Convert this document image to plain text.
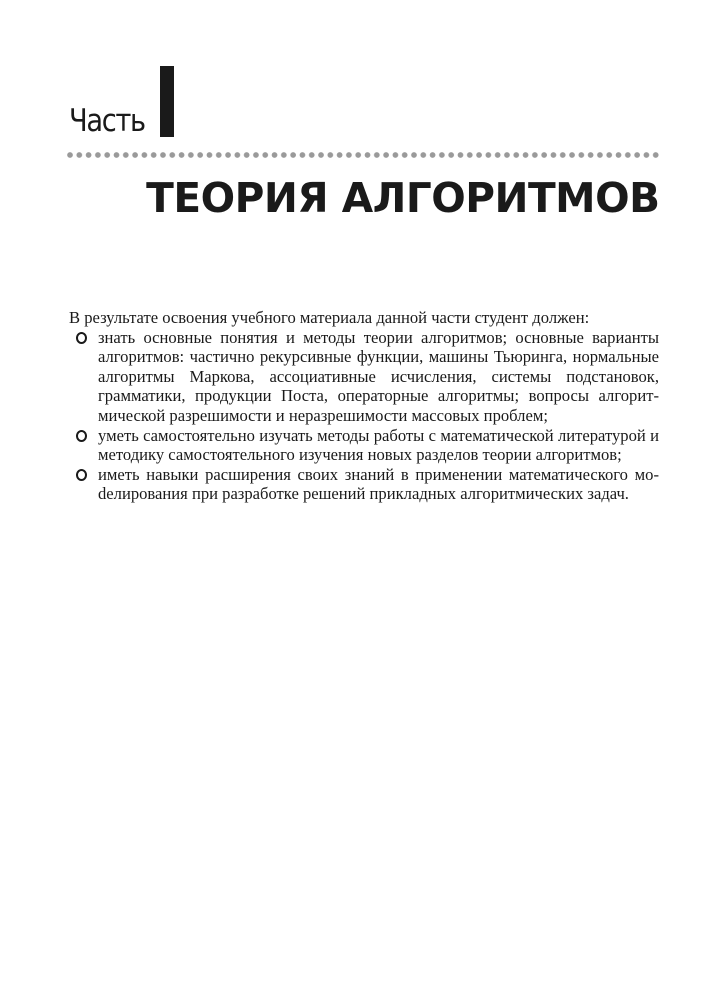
Часть
ТЕОРИЯ АЛГОРИТМОВ

В результате освоения учебного материала данной части студент должен:

знать основные понятия и методы теории алгоритмов; основные варианты алгоритмов: частично рекурсивные функции, машины Тьюринга, нормальные алгоритмы Маркова, ассоциативные исчисления, системы подстановок, грамматики, продукции Поста, операторные алгоритмы; вопросы алгоритмической разрешимости и неразрешимости массовых проблем;
уметь самостоятельно изучать методы работы с математической литературой и методику самостоятельного изучения новых разделов теории алгоритмов;
иметь навыки расширения своих знаний в применении математического моdелирования при разработке решений прикладных алгоритмических задач.
